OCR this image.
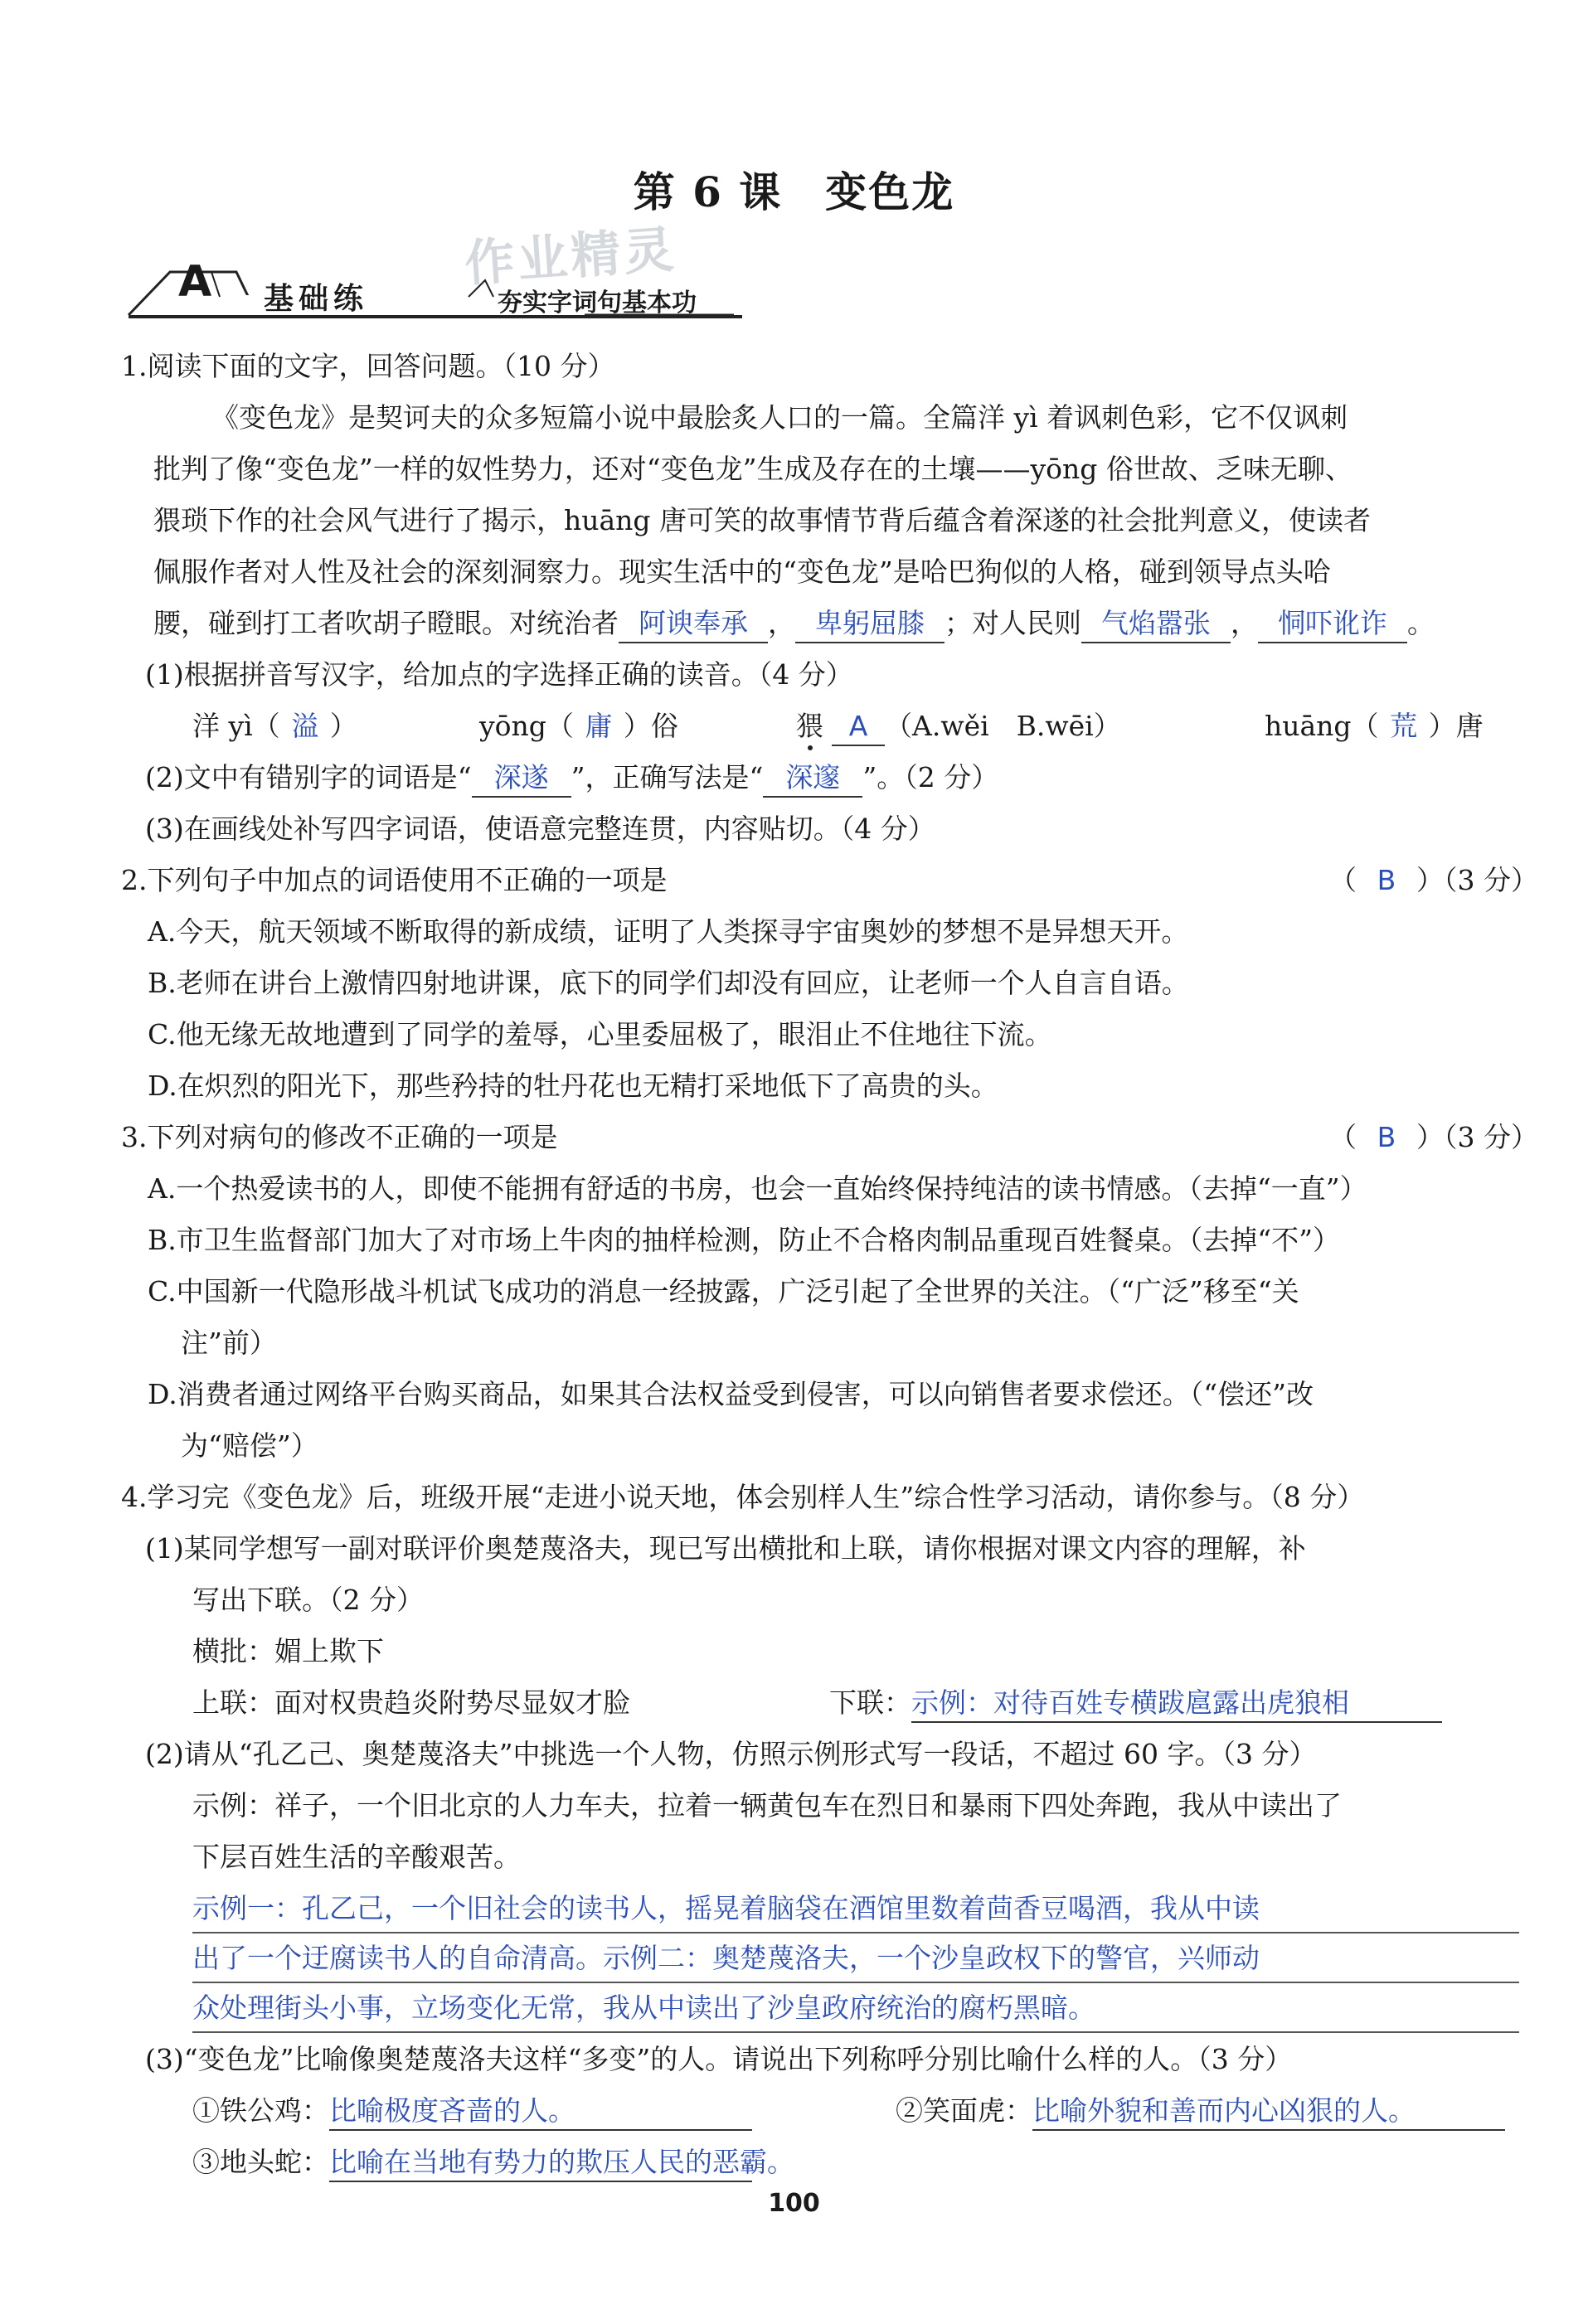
第 6 课　变色龙
作业精灵
A 基础练	夯实字词句基本功
1.阅读下面的文字，回答问题。（10 分）
《变色龙》是契诃夫的众多短篇小说中最脍炙人口的一篇。全篇洋 yì 着讽刺色彩，它不仅讽刺
批判了像“变色龙”一样的奴性势力，还对“变色龙”生成及存在的土壤——yōng 俗世故、乏味无聊、
猥琐下作的社会风气进行了揭示，huāng 唐可笑的故事情节背后蕴含着深遂的社会批判意义，使读者
佩服作者对人性及社会的深刻洞察力。现实生活中的“变色龙”是哈巴狗似的人格，碰到领导点头哈
腰，碰到打工者吹胡子瞪眼。对统治者 阿谀奉承 ， 卑躬屈膝 ；对人民则 气焰嚣张 ， 恫吓讹诈 。
(1)根据拼音写汉字，给加点的字选择正确的读音。（4 分）
洋 yì（ 溢 ）	yōng（ 庸 ）俗	猥 A （A.wěi　B.wēi）	huāng（ 荒 ）唐
(2)文中有错别字的词语是“ 深遂 ”，正确写法是“ 深邃 ”。（2 分）
(3)在画线处补写四字词语，使语意完整连贯，内容贴切。（4 分）
2.下列句子中加点的词语使用不正确的一项是	（ B ）（3 分）
A.今天，航天领域不断取得的新成绩，证明了人类探寻宇宙奥妙的梦想不是异想天开。
B.老师在讲台上激情四射地讲课，底下的同学们却没有回应，让老师一个人自言自语。
C.他无缘无故地遭到了同学的羞辱，心里委屈极了，眼泪止不住地往下流。
D.在炽烈的阳光下，那些矜持的牡丹花也无精打采地低下了高贵的头。
3.下列对病句的修改不正确的一项是	（ B ）（3 分）
A.一个热爱读书的人，即使不能拥有舒适的书房，也会一直始终保持纯洁的读书情感。（去掉“一直”）
B.市卫生监督部门加大了对市场上牛肉的抽样检测，防止不合格肉制品重现百姓餐桌。（去掉“不”）
C.中国新一代隐形战斗机试飞成功的消息一经披露，广泛引起了全世界的关注。（“广泛”移至“关
注”前）
D.消费者通过网络平台购买商品，如果其合法权益受到侵害，可以向销售者要求偿还。（“偿还”改
为“赔偿”）
4.学习完《变色龙》后，班级开展“走进小说天地，体会别样人生”综合性学习活动，请你参与。（8 分）
(1)某同学想写一副对联评价奥楚蔑洛夫，现已写出横批和上联，请你根据对课文内容的理解，补
写出下联。（2 分）
横批：媚上欺下
上联：面对权贵趋炎附势尽显奴才脸	下联：示例：对待百姓专横跋扈露出虎狼相
(2)请从“孔乙己、奥楚蔑洛夫”中挑选一个人物，仿照示例形式写一段话，不超过 60 字。（3 分）
示例：祥子，一个旧北京的人力车夫，拉着一辆黄包车在烈日和暴雨下四处奔跑，我从中读出了
下层百姓生活的辛酸艰苦。
示例一：孔乙己，一个旧社会的读书人，摇晃着脑袋在酒馆里数着茴香豆喝酒，我从中读
出了一个迂腐读书人的自命清高。示例二：奥楚蔑洛夫，一个沙皇政权下的警官，兴师动
众处理街头小事，立场变化无常，我从中读出了沙皇政府统治的腐朽黑暗。
(3)“变色龙”比喻像奥楚蔑洛夫这样“多变”的人。请说出下列称呼分别比喻什么样的人。（3 分）
①铁公鸡：比喻极度吝啬的人。	②笑面虎：比喻外貌和善而内心凶狠的人。
③地头蛇：比喻在当地有势力的欺压人民的恶霸。
100
